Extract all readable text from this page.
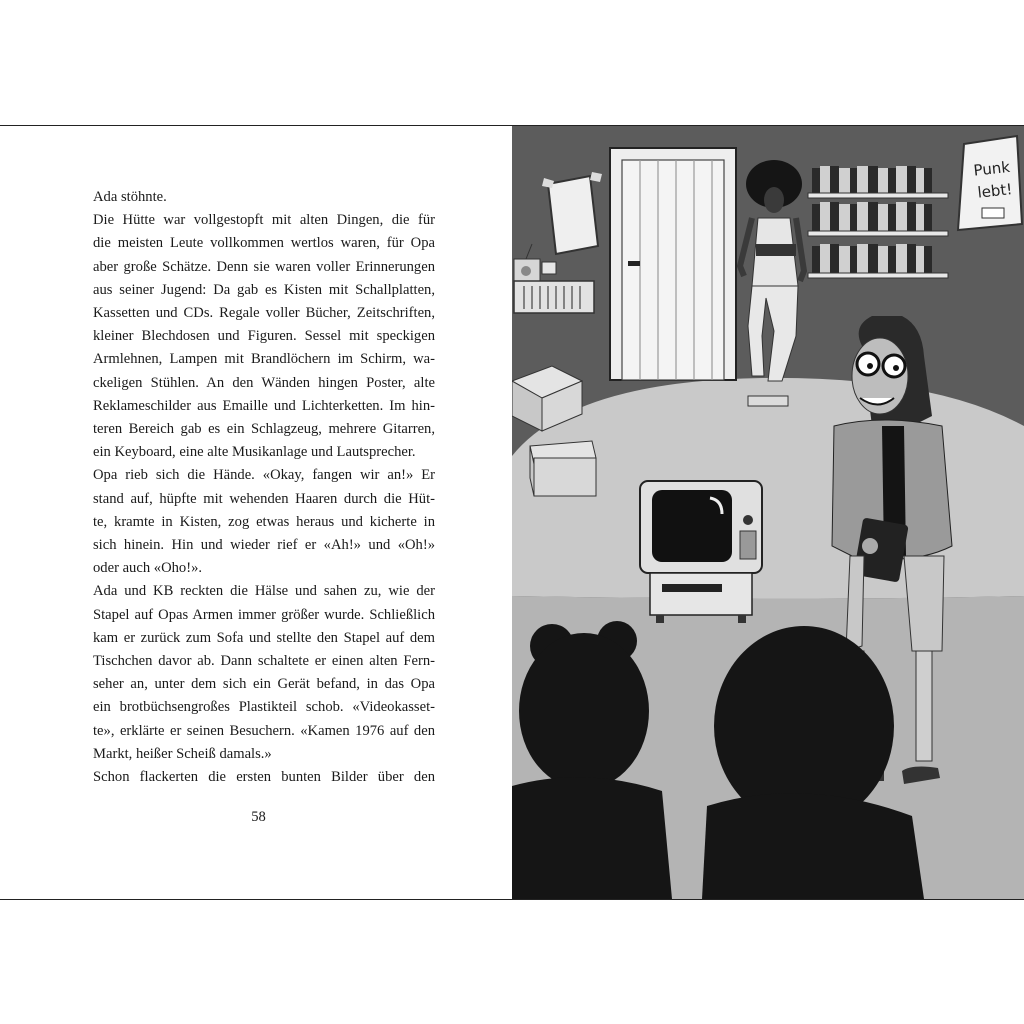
Ada stöhnte.
Die Hütte war vollgestopft mit alten Dingen, die für
die meisten Leute vollkommen wertlos waren, für Opa
aber große Schätze. Denn sie waren voller Erinnerungen
aus seiner Jugend: Da gab es Kisten mit Schallplatten,
Kassetten und CDs. Regale voller Bücher, Zeitschriften,
kleiner Blechdosen und Figuren. Sessel mit speckigen
Armlehnen, Lampen mit Brandlöchern im Schirm, wa-
ckeligen Stühlen. An den Wänden hingen Poster, alte
Reklameschilder aus Emaille und Lichterketten. Im hin-
teren Bereich gab es ein Schlagzeug, mehrere Gitarren,
ein Keyboard, eine alte Musikanlage und Lautsprecher.
Opa rieb sich die Hände. «Okay, fangen wir an!» Er
stand auf, hüpfte mit wehenden Haaren durch die Hüt-
te, kramte in Kisten, zog etwas heraus und kicherte in
sich hinein. Hin und wieder rief er «Ah!» und «Oh!»
oder auch «Oho!».
Ada und KB reckten die Hälse und sahen zu, wie der
Stapel auf Opas Armen immer größer wurde. Schließlich
kam er zurück zum Sofa und stellte den Stapel auf dem
Tischchen davor ab. Dann schaltete er einen alten Fern-
seher an, unter dem sich ein Gerät befand, in das Opa
ein brotbüchsengroßes Plastikteil schob. «Videokasset-
te», erklärte er seinen Besuchern. «Kamen 1976 auf den
Markt, heißer Scheiß damals.»
Schon flackerten die ersten bunten Bilder über den
58
Punk
lebt!
